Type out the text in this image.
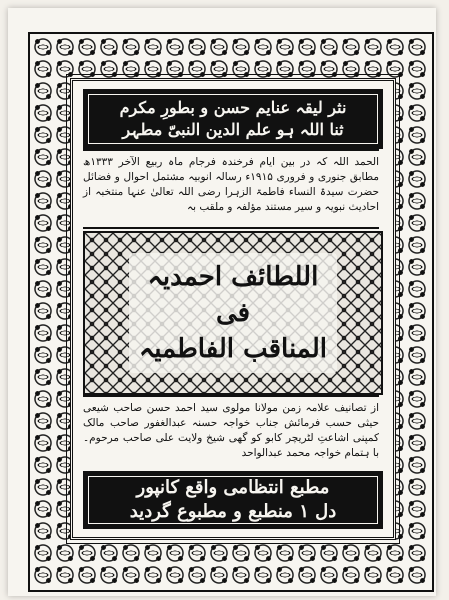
نثر لیقہ عنایم حسن و بطورِ مکرم
ثنا اللہ ہو علم الدین النبیّ مطہر
الحمد اللہ کہ در بین ایام فرخندہ فرجام ماہ ربیع الآخر ۱۳۳۳ھ مطابق جنوری و فروری ۱۹۱۵ء رسالہ انوبیہ مشتمل احوال و فضائل حضرت سیدۃ النساء فاطمۃ الزہرا رضی اللہ تعالیٰ عنہا منتخبہ از احادیث نبویہ و سیر مستند مؤلفہ و ملقب بہ
اللطائف احمدیہ
فی
المناقب الفاطمیہ
از تصانیف علامہ زمن مولانا مولوی سید احمد حسن صاحب شیعی حیثی حسب فرمائش جناب خواجہ حسنہ عبدالغفور صاحب مالک کمپنی اشاعتِ لٹریچر کابو کو گھی شیخ ولایت علی صاحب مرحوم۔ با ہتمام خواجہ محمد عبدالواحد
مطبع انتظامی واقع کانپور
دل ۱ منطبع و مطبوع گردید
